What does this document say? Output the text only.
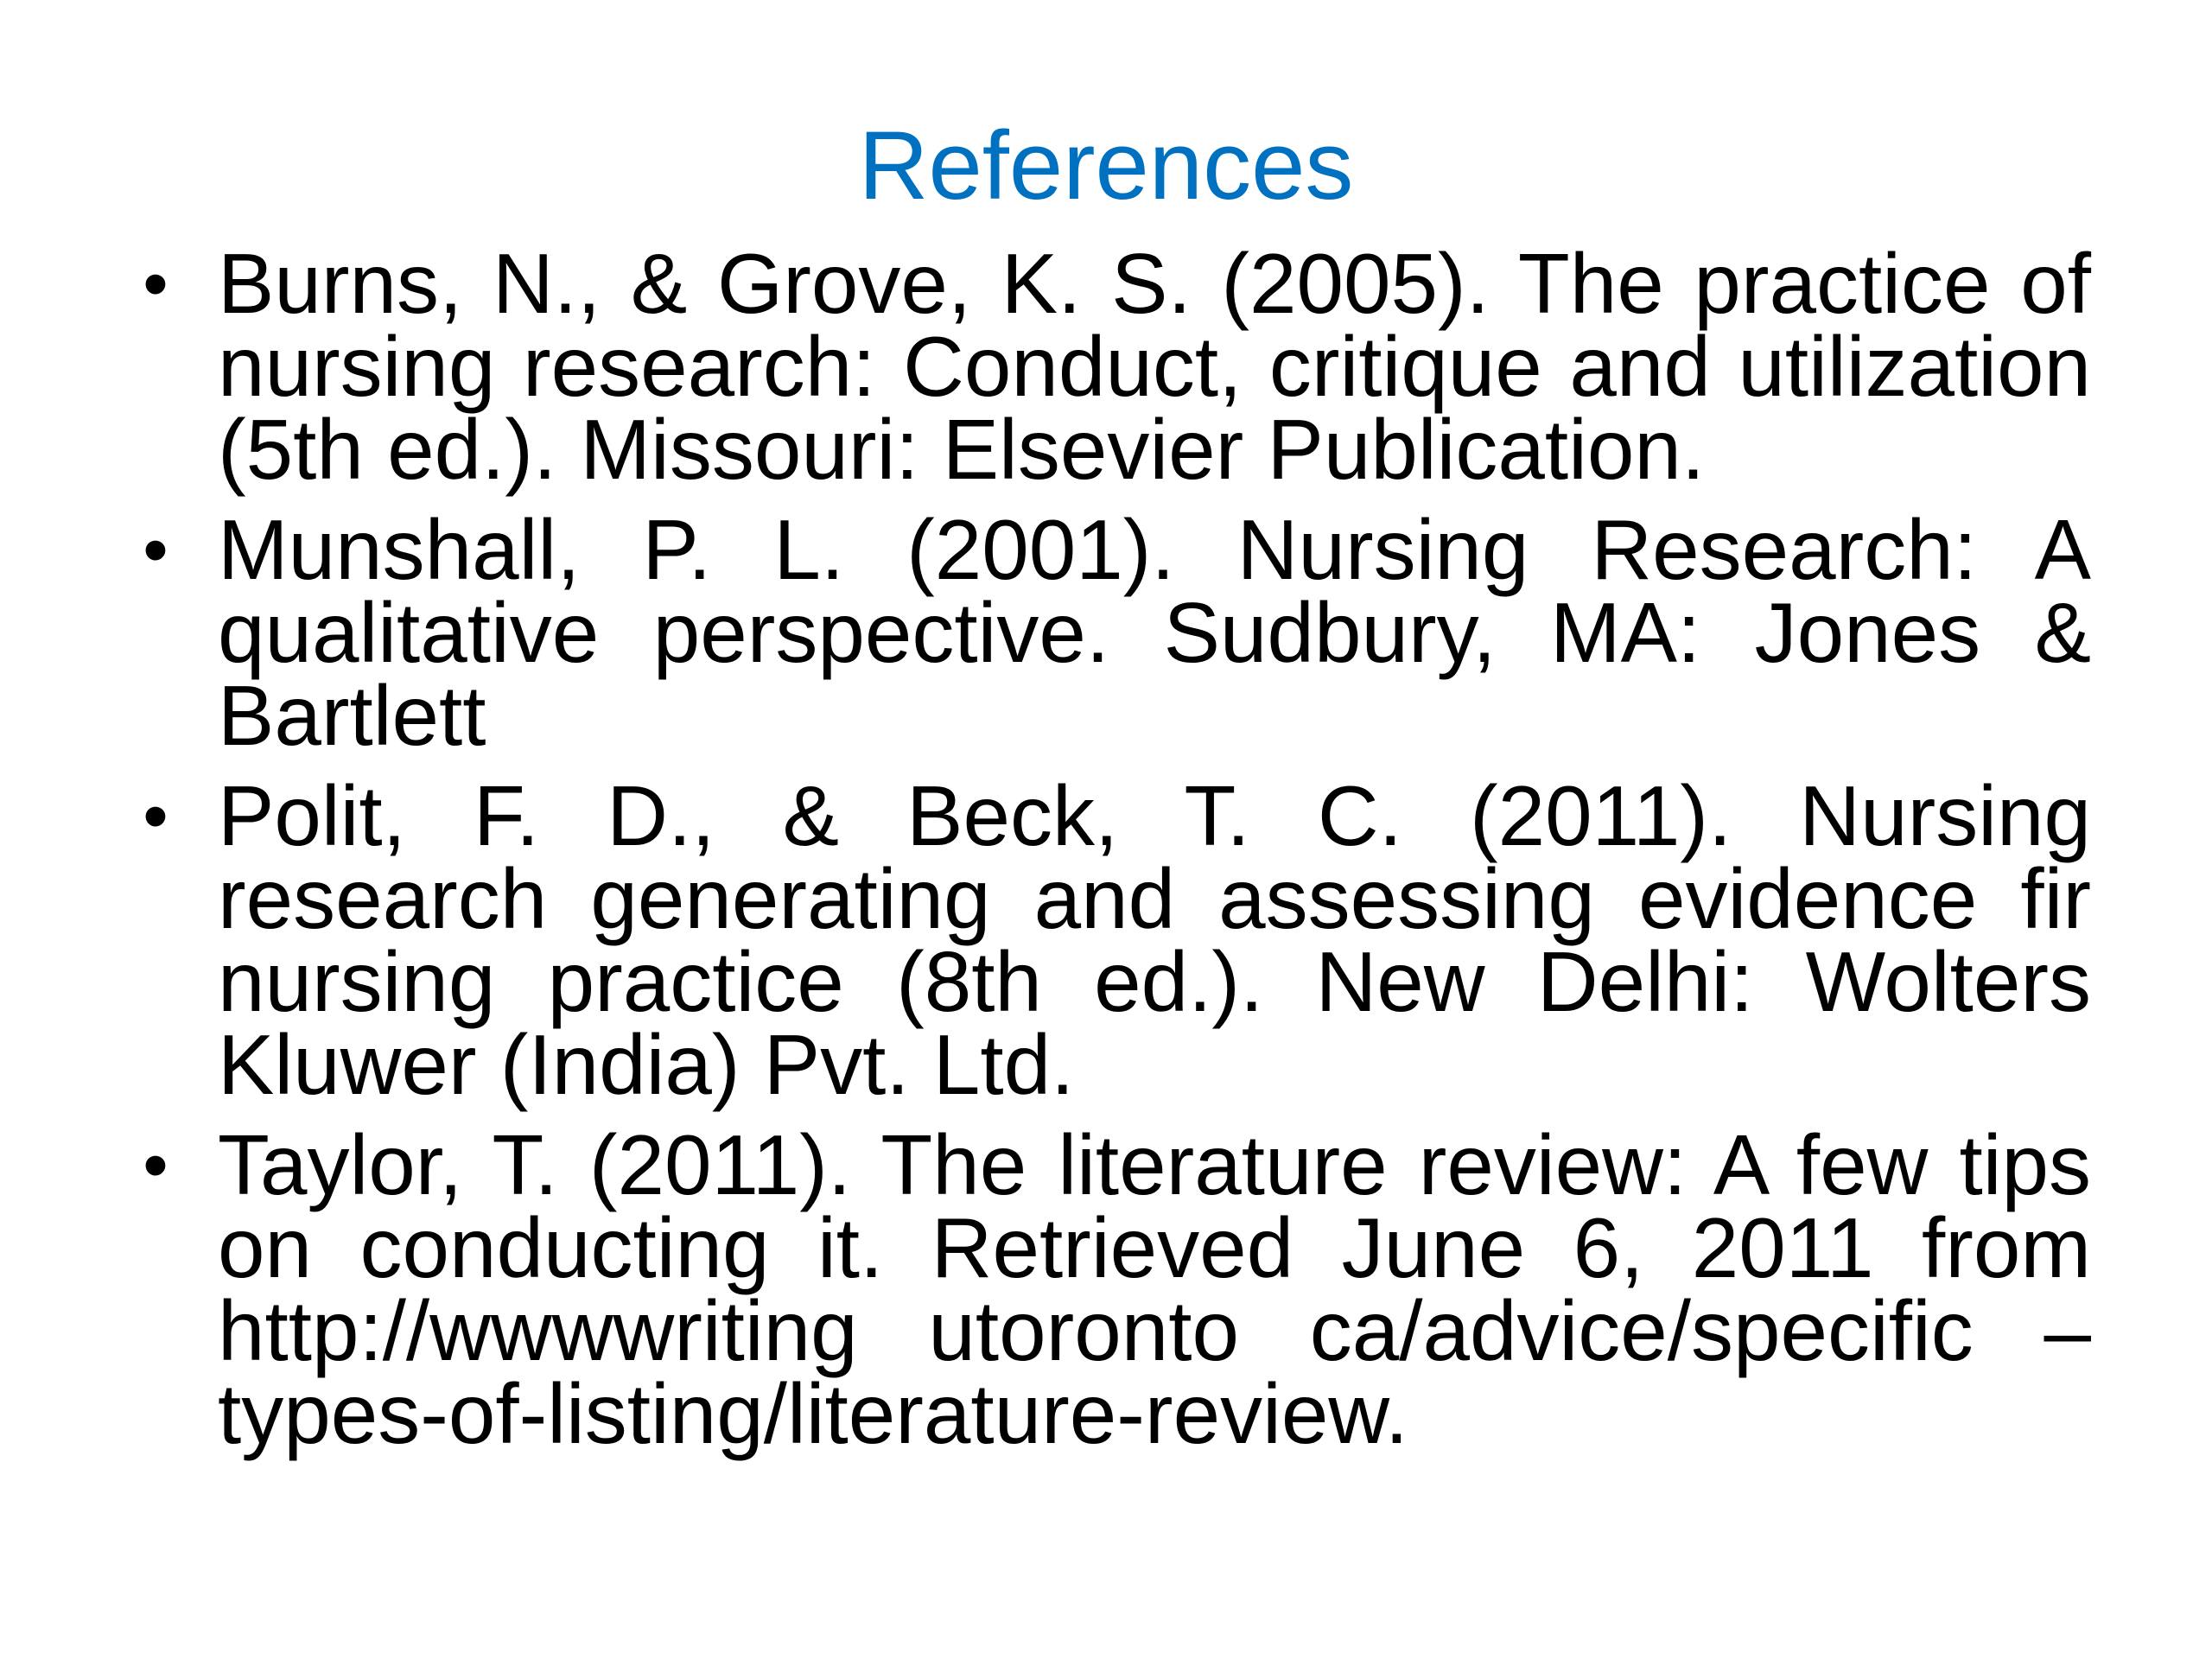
References
• Burns, N., & Grove, K. S. (2005). The practice of nursing research: Conduct, critique and utilization (5th ed.). Missouri: Elsevier Publication.
• Munshall, P. L. (2001). Nursing Research: A qualitative perspective. Sudbury, MA: Jones & Bartlett
• Polit, F. D., & Beck, T. C. (2011). Nursing research generating and assessing evidence fir nursing practice (8th ed.). New Delhi: Wolters Kluwer (India) Pvt. Ltd.
• Taylor, T. (2011). The literature review: A few tips on conducting it. Retrieved June 6, 2011 from http://wwwwriting utoronto ca/advice/specific –types-of-listing/literature-review.
